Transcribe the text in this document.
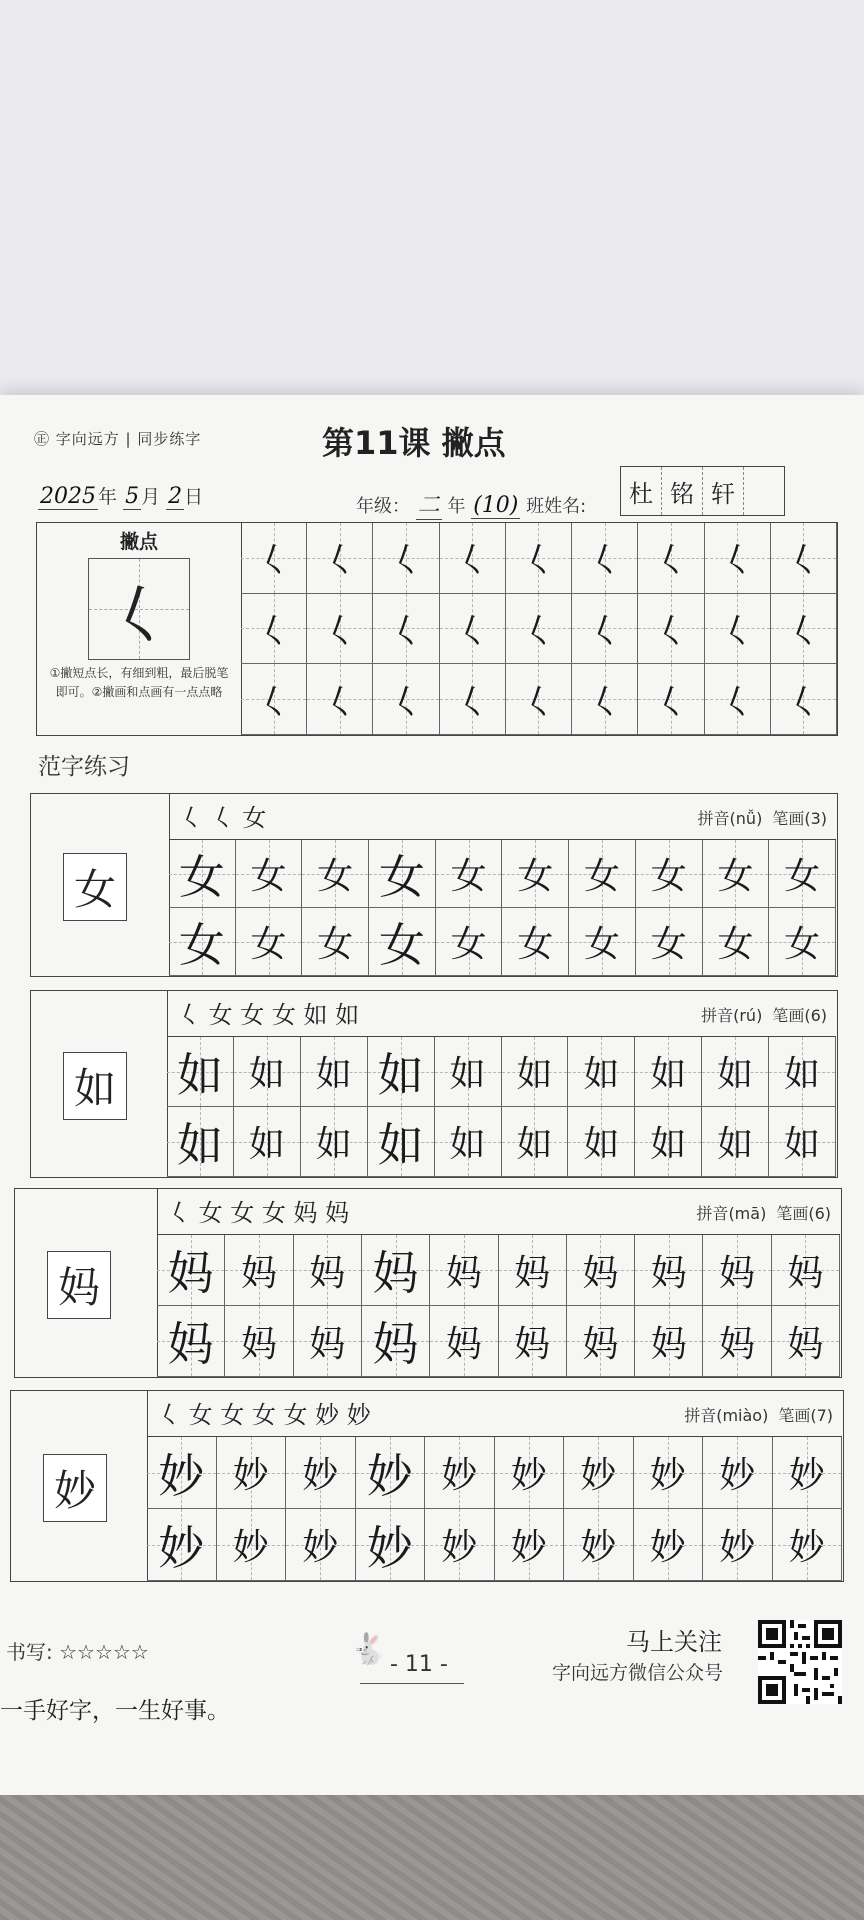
㊣ 字向远方 | 同步练字	第11课 撇点
2025 年 5 月 2 日	年级： 二 年 (10) 班姓名:	杜 铭 轩
撇点
𡿨
①撇短点长，有细到粗，最后脱笔即可。②撇画和点画有一点点略
𡿨 𡿨 𡿨 𡿨 𡿨 𡿨 𡿨 𡿨 𡿨
𡿨 𡿨 𡿨 𡿨 𡿨 𡿨 𡿨 𡿨 𡿨
𡿨 𡿨 𡿨 𡿨 𡿨 𡿨 𡿨 𡿨 𡿨
范字练习
女
𡿨 𡿨 女	拼音(nǚ) 笔画(3)
女 女 女 女 女 女 女 女 女 女
女 女 女 女 女 女 女 女 女 女
如
𡿨 女 女 女 如 如	拼音(rú) 笔画(6)
如 如 如 如 如 如 如 如 如 如
如 如 如 如 如 如 如 如 如 如
妈
𡿨 女 女 女 妈 妈	拼音(mā) 笔画(6)
妈 妈 妈 妈 妈 妈 妈 妈 妈 妈
妈 妈 妈 妈 妈 妈 妈 妈 妈 妈
妙
𡿨 女 女 女 女 妙 妙	拼音(miào) 笔画(7)
妙 妙 妙 妙 妙 妙 妙 妙 妙 妙
妙 妙 妙 妙 妙 妙 妙 妙 妙 妙
书写: ☆☆☆☆☆
一手好字，一生好事。
🐇 - 11 -
马上关注
字向远方微信公众号
